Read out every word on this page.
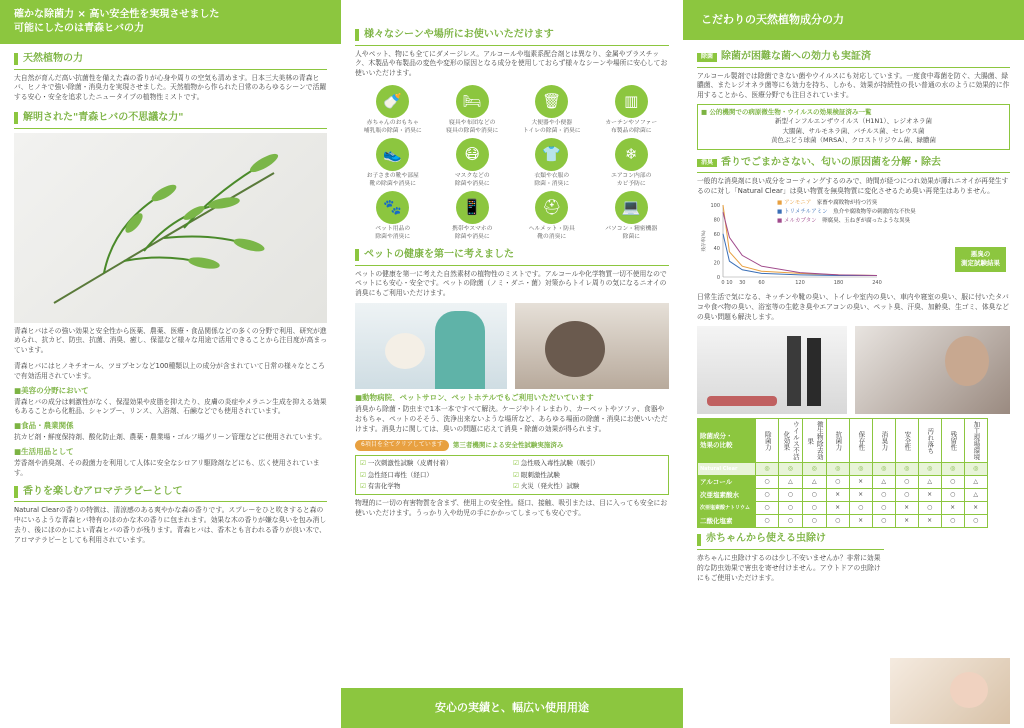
確かな除菌力 × 高い安全性を実現させました
可能にしたのは青森ヒバの力
天然植物の力
大自然が育んだ高い抗菌性を備えた森の香りが心身や周りの空気も清めます。日本三大美林の青森ヒバ、ヒノキで強い除菌・消臭力を実現させました。天然植物から作られた日常のあらゆるシーンで活躍する安心・安全を追求したニュータイプの植物性ミストです。
解明された"青森ヒバの不思議な力"
青森ヒバはその強い効果と安全性から医薬、農薬、医療・食品関係などの多くの分野で利用、研究が進められ、抗カビ、防虫、抗菌、消臭、癒し、保湿など様々な用途で活用できることから注目度が高まっています。
青森ヒバにはヒノキチオール、ツヨプセンなど100種類以上の成分が含まれていて日常の様々なところで有効活用されています。
■美容の分野において
青森ヒバの成分は刺激性がなく、保湿効果や皮脂を抑えたり、皮膚の炎症やメラニン生成を抑える効果もあることから化粧品、シャンプー、リンス、入浴剤、石鹸などでも使用されています。
■食品・農業関係
抗カビ剤・鮮度保持剤、酸化防止剤、農薬・農業場・ゴルフ場グリーン管理などに使用されています。
■生活用品として
芳香剤や消臭剤、その殺菌力を利用して人体に安全なシロアリ駆除剤などにも、広く使用されています。
香りを楽しむアロマテラピーとして
Natural Clearの香りの特徴は、清涼感のある爽やかな森の香りです。スプレーをひと吹きすると森の中にいるような青森ヒバ特有のほのかな木の香りに包まれます。効果な木の香りが嫌な臭いを包み消し去り、後にほのかによい青森ヒバの香りが残ります。青森ヒバは、香木とも言われる香りが良い木で、アロマテラピーとしても利用されています。
様々なシーンや場所にお使いいただけます
人やペット、物にも全てにダメージレス。アルコールや塩素系配合剤とは異なり、金属やプラスチック、木製品や布製品の変色や変形の原因となる成分を使用しておらず様々なシーンや場所に安心してお使いいただけます。
🍼
赤ちゃんのおもちゃ
哺乳瓶の除菌・消臭に
🛏
寝具や布団などの
寝具の除菌や消臭に
🗑
大便器や小便器
トイレの除菌・消臭に
▥
カーテンやソファー
布製品の除菌に
👟
お子さまの靴や部屋
靴の除菌や消臭に
😷
マスクなどの
除菌や消臭に
👕
衣類や衣服の
除菌・消臭に
❄
エアコン内部の
カビ予防に
🐾
ペット用品の
除菌や消臭に
📱
携帯やスマホの
除菌や消臭に
⛑
ヘルメット・防具
靴の消臭に
💻
パソコン・精密機器
除菌に
ペットの健康を第一に考えました
ペットの健康を第一に考えた自然素材の植物性のミストです。アルコールや化学物質一切不使用なのでペットにも安心・安全です。ペットの除菌（ノミ・ダニ・菌）対策からトイレ周りの気になるニオイの消臭にもご利用いただけます。
■動物病院、ペットサロン、ペットホテルでもご利用いただいています
消臭から除菌・防虫まで1本一本ですべて解決。ケージやトイレまわり、カーペットやソファ、食器やおもちゃ、ペットのそそう、洗浄出来ないような場所など、あらゆる場面の除菌・消臭にお使いいただけます。消臭力に関しては、臭いの問題に応えて消臭・除菌の効果が得られます。
6項目を全てクリアしています	第三者機関による安全性試験実施済み
☑ 一次刺激性試験（皮膚付着）	☑ 急性吸入毒性試験（吸引）
☑ 急性経口毒性（経口）	☑ 眼刺激性試験
☑ 有害化学物	☑ 火災（発火性）試験
物理的に一切の有害物質を含まず、使用上の安全性。経口、接触、吸引または、目に入っても安全にお使いいただけます。うっかり入や幼児の手にかかってしまっても安心です。
安心の実績と、幅広い使用用途
こだわりの天然植物成分の力
除菌 除菌が困難な菌への効力も実証済
アルコール製剤では除菌できない菌やウイルスにも対応しています。一度食中毒菌を防ぐ、大腸菌、緑膿菌、またレジオネラ菌等にも効力を持ち、しかも、効果が持続性の長い普通の水のように効果的に作用することから、医療分野でも注目されています。
■ 公的機関での病原微生物・ウイルスの効果検証済み一覧
新型インフルエンザウイルス（H1N1）、レジオネラ菌
大腸菌、サルモネラ菌、バチルス菌、セレウス菌
黄色ぶどう球菌（MRSA）、クロストリジウム菌、緑膿菌
消臭 香りでごまかさない、匂いの原因菌を分解・除去
一般的な消臭剤に良い成分をコーティングするのみで、時間が経つにつれ効果が薄れニオイが再発生するのに対し「Natural Clear」は臭い物質を無臭物質に変化させるため臭い再発生はありません。
100
80
60
40
20
0
0 10 30	60	120	180	240
残存率(%)
■ アンモニア　家畜や腐敗物が持つ汚臭
■ トリメチルアミン　魚介や腐敗物等の刺激的な不快臭
■ メルカプタン　卵腐臭、玉ねぎが腐ったような異臭
悪臭の
測定試験結果
日常生活で気になる、キッチンや靴の臭い、トイレや室内の臭い、車内や寝室の臭い、服に付いたタバコや食べ物の臭い、浴室等の生乾き臭やエアコンの臭い、ペット臭、汗臭、加齢臭、生ゴミ、体臭などの臭い問題も解決します。
除菌成分・
効果の比較	除菌力	ウイルス不活化効果	微生物除去効果	抗菌力	保存性	消臭力	安全性	汚れ落ち	残留性	加工現場環境
Natural Clear	◎	◎	◎	◎	◎	◎	◎	◎	◎	◎
アルコール	○	△	△	○	×	△	○	△	○	△
次亜塩素酸水	○	○	○	×	×	○	○	×	○	△
次亜塩素酸ナトリウム	○	○	○	×	○	○	×	○	×	×
二酸化塩素	○	○	○	○	×	○	×	×	○	○
赤ちゃんから使える虫除け
赤ちゃんに虫除けするのは少し不安いませんか？非常に効果的な防虫効果で害虫を寄せ付けません。アウトドアの虫除けにもご使用いただけます。
